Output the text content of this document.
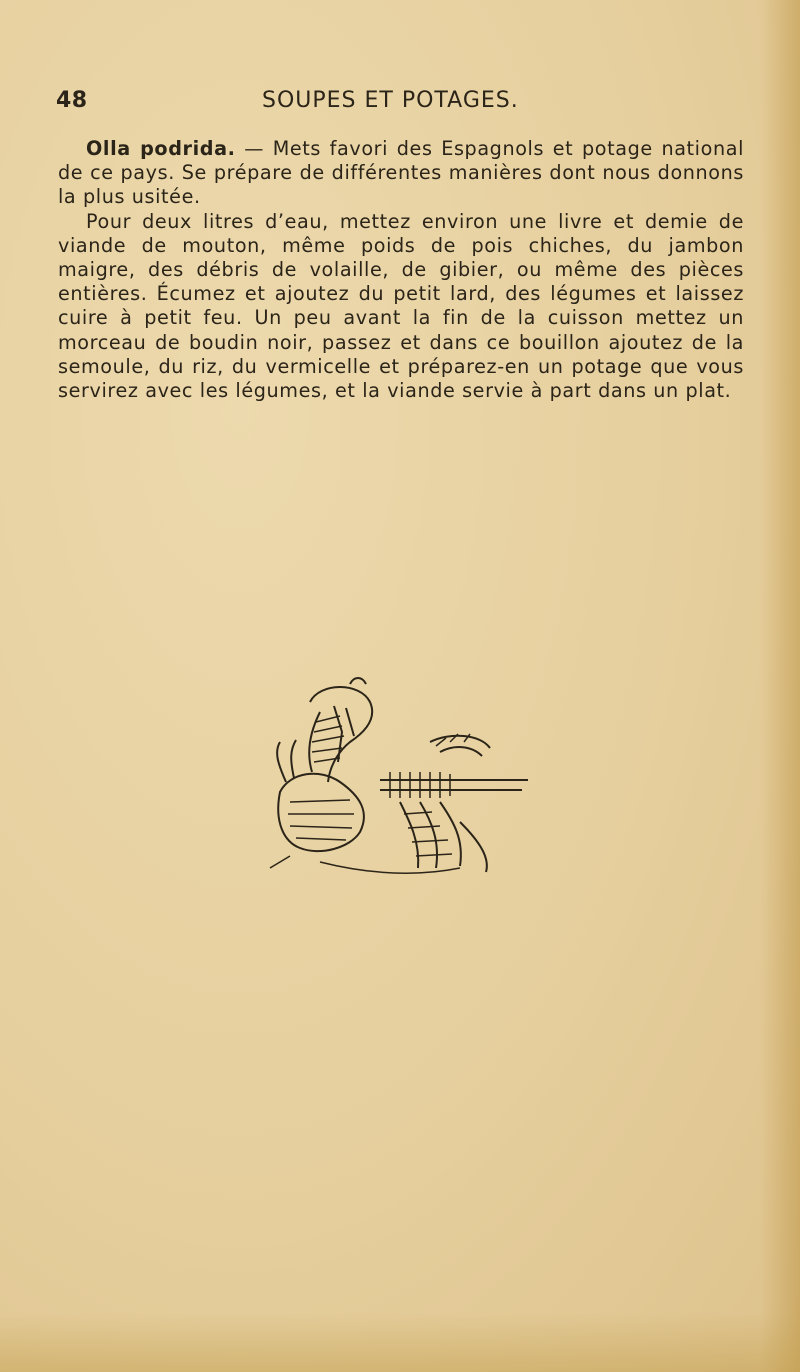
48	SOUPES ET POTAGES.

Olla podrida. — Mets favori des Espagnols et potage national de ce pays. Se prépare de différentes manières dont nous donnons la plus usitée.

Pour deux litres d’eau, mettez environ une livre et demie de viande de mouton, même poids de pois chiches, du jambon maigre, des débris de volaille, de gibier, ou même des pièces entières. Écumez et ajoutez du petit lard, des légumes et laissez cuire à petit feu. Un peu avant la fin de la cuisson mettez un morceau de boudin noir, passez et dans ce bouillon ajoutez de la semoule, du riz, du vermicelle et préparez-en un potage que vous servirez avec les légumes, et la viande servie à part dans un plat.
